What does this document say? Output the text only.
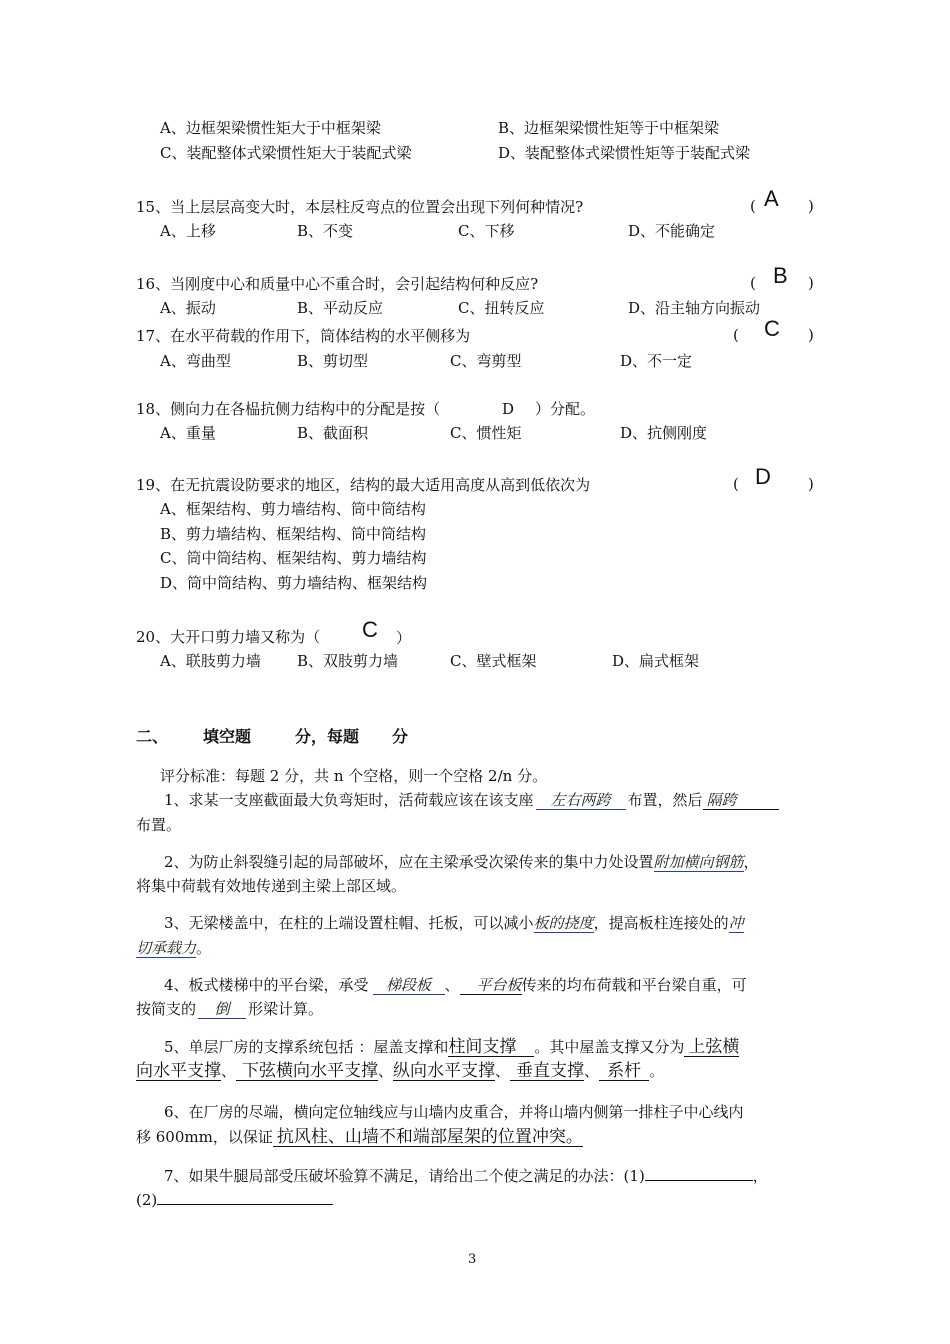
A、边框架梁惯性矩大于中框架梁	B、边框架梁惯性矩等于中框架梁
C、装配整体式梁惯性矩大于装配式梁	D、装配整体式梁惯性矩等于装配式梁
15、当上层层高变大时，本层柱反弯点的位置会出现下列何种情况?	( A )
A、上移	B、不变	C、下移	D、不能确定
16、当刚度中心和质量中心不重合时，会引起结构何种反应?	( B )
A、振动	B、平动反应	C、扭转反应	D、沿主轴方向振动
17、在水平荷载的作用下，筒体结构的水平侧移为	( C )
A、弯曲型	B、剪切型	C、弯剪型	D、不一定
18、侧向力在各榀抗侧力结构中的分配是按（	D ）分配。
A、重量	B、截面积	C、惯性矩	D、抗侧刚度
19、在无抗震设防要求的地区，结构的最大适用高度从高到低依次为	( D )
A、框架结构、剪力墙结构、筒中筒结构
B、剪力墙结构、框架结构、筒中筒结构
C、筒中筒结构、框架结构、剪力墙结构
D、筒中筒结构、剪力墙结构、框架结构
20、大开口剪力墙又称为（ C ）
A、联肢剪力墙 B、双肢剪力墙	C、壁式框架	D、扁式框架
二、 填空题	分，每题 分
评分标准：每题 2 分，共 n 个空格，则一个空格 2/n 分。
1、求某一支座截面最大负弯矩时，活荷载应该在该支座 左右两跨 布置，然后 隔跨
布置。
2、为防止斜裂缝引起的局部破坏，应在主梁承受次梁传来的集中力处设置附加横向钢筋，
将集中荷载有效地传递到主梁上部区域。
3、无梁楼盖中，在柱的上端设置柱帽、托板，可以减小板的挠度，提高板柱连接处的冲
切承载力。
4、板式楼梯中的平台梁，承受 梯段板 、 平台板传来的均布荷载和平台梁自重，可
按简支的 倒 形梁计算。
5、单层厂房的支撑系统包括 ：屋盖支撑和柱间支撑 。其中屋盖支撑又分为 上弦横
向水平支撑、 下弦横向水平支撑、纵向水平支撑、 垂直支撑、 系杆 。
6、在厂房的尽端，横向定位轴线应与山墙内皮重合，并将山墙内侧第一排柱子中心线内
移 600mm，以保证 抗风柱、山墙不和端部屋架的位置冲突。
7、如果牛腿局部受压破坏验算不满足，请给出二个使之满足的办法：(1)	，
(2)
3
